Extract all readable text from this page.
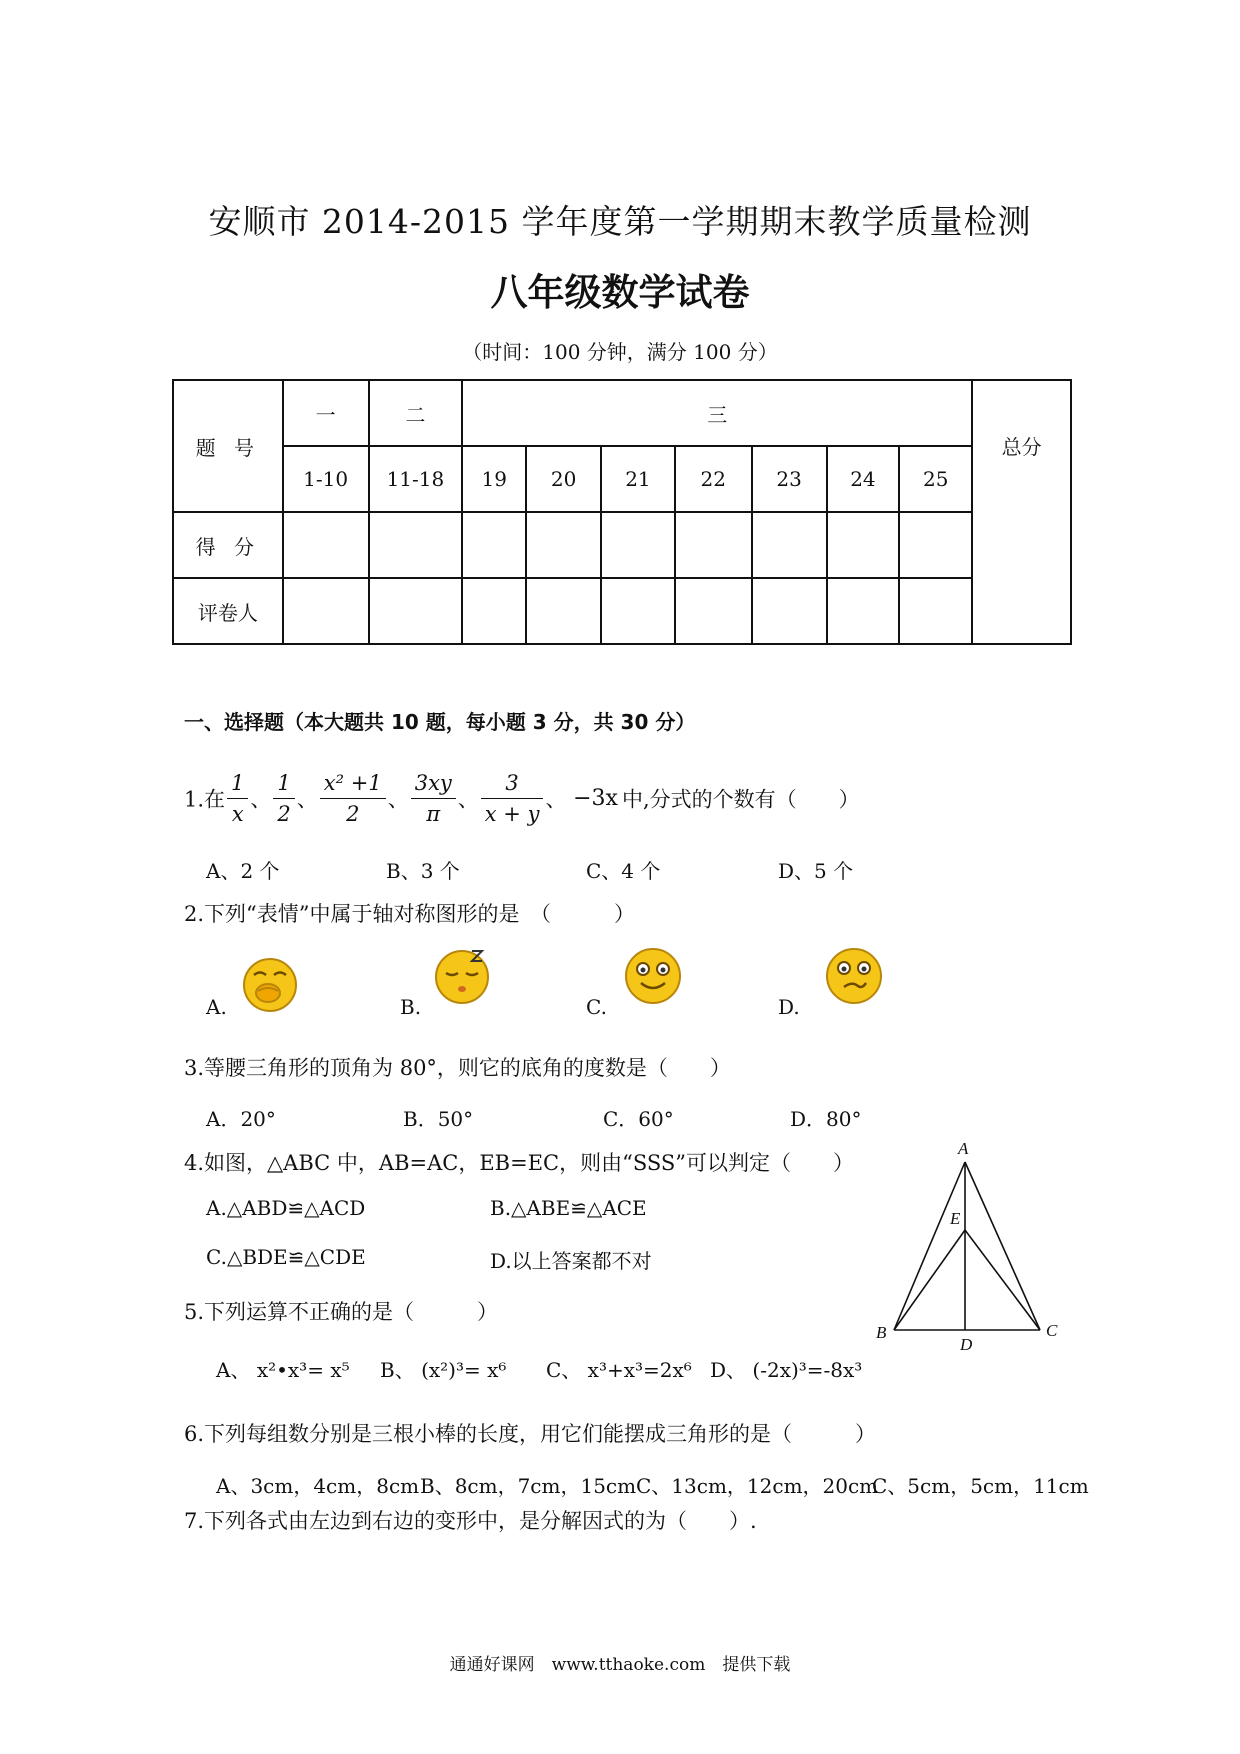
安顺市 2014-2015 学年度第一学期期末教学质量检测
八年级数学试卷
（时间：100 分钟，满分 100 分）
题 号	一	二	三							总分
	1-10	11-18	19	20	21	22	23	24	25	
得 分										
评卷人										
一、选择题（本大题共 10 题，每小题 3 分，共 30 分）
1.在 $\frac{1}{x}$ 、 $\frac{1}{2}$ 、 $\frac{\text{x² +1}}{2}$ 、 $\frac{3xy}{\pi}$ 、 $\frac{3}{x + y}$ 、 −3x 中,分式的个数有（　　）
A、2 个	B、3 个	C、4 个	D、5 个
2.下列“表情”中属于轴对称图形的是　（　　　）
A.	B.	C.	D.
3.等腰三角形的顶角为 80°，则它的底角的度数是（　　）
A．20°	B．50°	C．60°	D．80°
4.如图，△ABC 中，AB=AC，EB=EC，则由“SSS”可以判定（　　）
A.△ABD≌△ACD	B.△ABE≌△ACE
C.△BDE≌△CDE	D.以上答案都不对
A
E
B
D
C
5.下列运算不正确的是（　　　）
A、 x²•x³= x⁵ B、 (x²)³= x⁶ C、 x³+x³=2x⁶ D、 (-2x)³=-8x³
6.下列每组数分别是三根小棒的长度，用它们能摆成三角形的是（　　　）
A、3cm，4cm，8cm B、8cm，7cm，15cm C、13cm，12cm，20cm
C、5cm，5cm，11cm
7.下列各式由左边到右边的变形中，是分解因式的为（　　）.
通通好课网　www.tthaoke.com　提供下载
